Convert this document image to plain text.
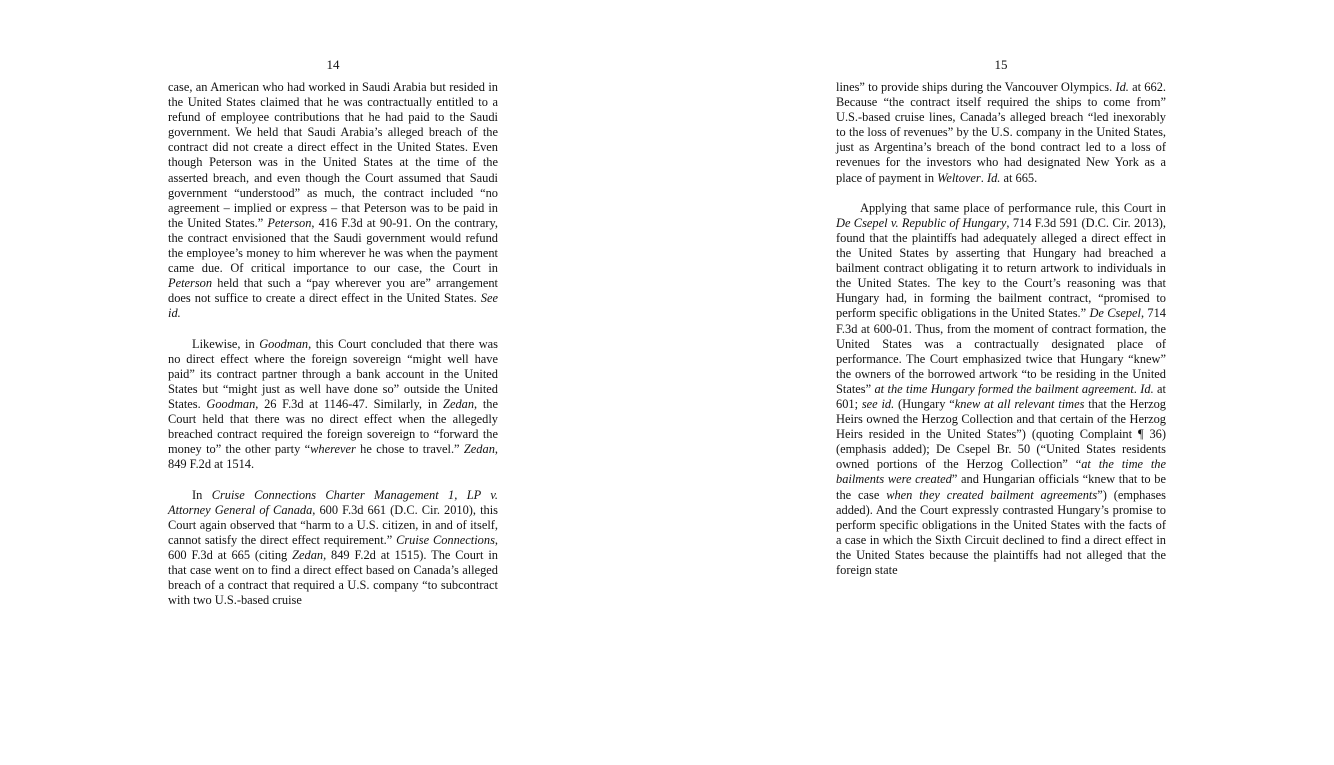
14

case, an American who had worked in Saudi Arabia but resided in the United States claimed that he was contractually entitled to a refund of employee contributions that he had paid to the Saudi government. We held that Saudi Arabia’s alleged breach of the contract did not create a direct effect in the United States. Even though Peterson was in the United States at the time of the asserted breach, and even though the Court assumed that Saudi government “understood” as much, the contract included “no agreement – implied or express – that Peterson was to be paid in the United States.” Peterson, 416 F.3d at 90-91. On the contrary, the contract envisioned that the Saudi government would refund the employee’s money to him wherever he was when the payment came due. Of critical importance to our case, the Court in Peterson held that such a “pay wherever you are” arrangement does not suffice to create a direct effect in the United States. See id.

Likewise, in Goodman, this Court concluded that there was no direct effect where the foreign sovereign “might well have paid” its contract partner through a bank account in the United States but “might just as well have done so” outside the United States. Goodman, 26 F.3d at 1146-47. Similarly, in Zedan, the Court held that there was no direct effect when the allegedly breached contract required the foreign sovereign to “forward the money to” the other party “wherever he chose to travel.” Zedan, 849 F.2d at 1514.

In Cruise Connections Charter Management 1, LP v. Attorney General of Canada, 600 F.3d 661 (D.C. Cir. 2010), this Court again observed that “harm to a U.S. citizen, in and of itself, cannot satisfy the direct effect requirement.” Cruise Connections, 600 F.3d at 665 (citing Zedan, 849 F.2d at 1515). The Court in that case went on to find a direct effect based on Canada’s alleged breach of a contract that required a U.S. company “to subcontract with two U.S.-based cruise

15

lines” to provide ships during the Vancouver Olympics. Id. at 662. Because “the contract itself required the ships to come from” U.S.-based cruise lines, Canada’s alleged breach “led inexorably to the loss of revenues” by the U.S. company in the United States, just as Argentina’s breach of the bond contract led to a loss of revenues for the investors who had designated New York as a place of payment in Weltover. Id. at 665.

Applying that same place of performance rule, this Court in De Csepel v. Republic of Hungary, 714 F.3d 591 (D.C. Cir. 2013), found that the plaintiffs had adequately alleged a direct effect in the United States by asserting that Hungary had breached a bailment contract obligating it to return artwork to individuals in the United States. The key to the Court’s reasoning was that Hungary had, in forming the bailment contract, “promised to perform specific obligations in the United States.” De Csepel, 714 F.3d at 600-01. Thus, from the moment of contract formation, the United States was a contractually designated place of performance. The Court emphasized twice that Hungary “knew” the owners of the borrowed artwork “to be residing in the United States” at the time Hungary formed the bailment agreement. Id. at 601; see id. (Hungary “knew at all relevant times that the Herzog Heirs owned the Herzog Collection and that certain of the Herzog Heirs resided in the United States”) (quoting Complaint ¶ 36) (emphasis added); De Csepel Br. 50 (“United States residents owned portions of the Herzog Collection” “at the time the bailments were created” and Hungarian officials “knew that to be the case when they created bailment agreements”) (emphases added). And the Court expressly contrasted Hungary’s promise to perform specific obligations in the United States with the facts of a case in which the Sixth Circuit declined to find a direct effect in the United States because the plaintiffs had not alleged that the foreign state
